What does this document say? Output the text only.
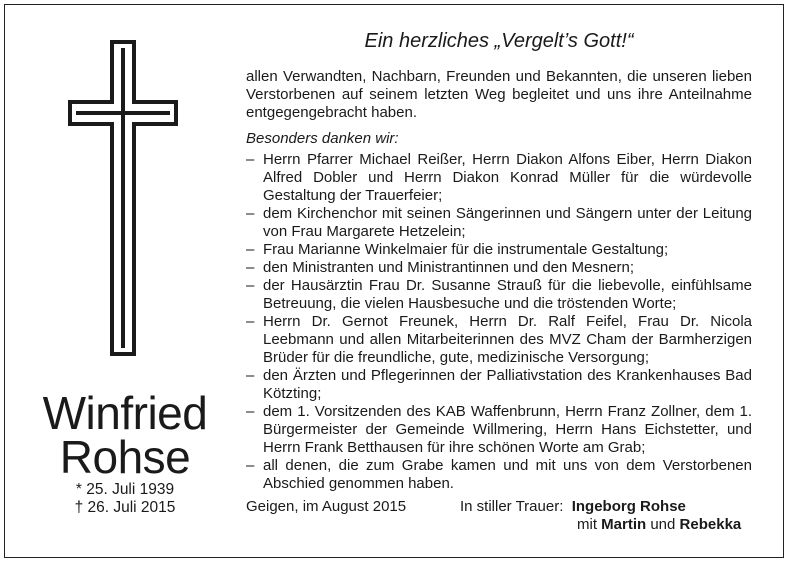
Winfried
Rohse
* 25. Juli 1939
† 26. Juli 2015
Ein herzliches „Vergelt’s Gott!“
allen Verwandten, Nachbarn, Freunden und Bekannten, die unseren lieben Verstorbenen auf seinem letzten Weg begleitet und uns ihre Anteilnahme entgegengebracht haben.
Besonders danken wir:
– Herrn Pfarrer Michael Reißer, Herrn Diakon Alfons Eiber, Herrn Diakon Alfred Dobler und Herrn Diakon Konrad Müller für die würdevolle Gestaltung der Trauerfeier;
– dem Kirchenchor mit seinen Sängerinnen und Sängern unter der Leitung von Frau Margarete Hetzelein;
– Frau Marianne Winkelmaier für die instrumentale Gestaltung;
– den Ministranten und Ministrantinnen und den Mesnern;
– der Hausärztin Frau Dr. Susanne Strauß für die liebevolle, einfühlsame Betreuung, die vielen Hausbesuche und die tröstenden Worte;
– Herrn Dr. Gernot Freunek, Herrn Dr. Ralf Feifel, Frau Dr. Nicola Leebmann und allen Mitarbeiterinnen des MVZ Cham der Barmherzigen Brüder für die freundliche, gute, medizinische Versorgung;
– den Ärzten und Pflegerinnen der Palliativstation des Krankenhauses Bad Kötzting;
– dem 1. Vorsitzenden des KAB Waffenbrunn, Herrn Franz Zollner, dem 1. Bürgermeister der Gemeinde Willmering, Herrn Hans Eichstetter, und Herrn Frank Betthausen für ihre schönen Worte am Grab;
– all denen, die zum Grabe kamen und mit uns von dem Verstorbenen Abschied genommen haben.
Geigen, im August 2015	In stiller Trauer: Ingeborg Rohse
mit Martin und Rebekka
